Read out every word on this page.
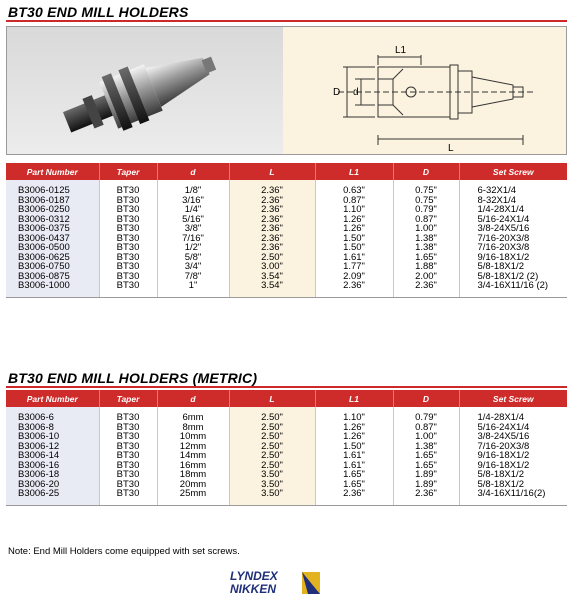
BT30 END MILL HOLDERS
L1
L
D d
Part Number	Taper	d	L	L1	D	Set Screw

B3006-0125	BT30	1/8"	2.36"	0.63"	0.75"	6-32X1/4
B3006-0187	BT30	3/16"	2.36"	0.87"	0.75"	8-32X1/4
B3006-0250	BT30	1/4"	2.36"	1.10"	0.79"	1/4-28X1/4
B3006-0312	BT30	5/16"	2.36"	1.26"	0.87"	5/16-24X1/4
B3006-0375	BT30	3/8"	2.36"	1.26"	1.00"	3/8-24X5/16
B3006-0437	BT30	7/16"	2.36"	1.50"	1.38"	7/16-20X3/8
B3006-0500	BT30	1/2"	2.36"	1.50"	1.38"	7/16-20X3/8
B3006-0625	BT30	5/8"	2.50"	1.61"	1.65"	9/16-18X1/2
B3006-0750	BT30	3/4"	3.00"	1.77"	1.88"	5/8-18X1/2
B3006-0875	BT30	7/8"	3.54"	2.09"	2.00"	5/8-18X1/2 (2)
B3006-1000	BT30	1"	3.54"	2.36"	2.36"	3/4-16X11/16 (2)

BT30 END MILL HOLDERS (METRIC)
Part Number	Taper	d	L	L1	D	Set Screw

B3006-6	BT30	6mm	2.50"	1.10"	0.79"	1/4-28X1/4
B3006-8	BT30	8mm	2.50"	1.26"	0.87"	5/16-24X1/4
B3006-10	BT30	10mm	2.50"	1.26"	1.00"	3/8-24X5/16
B3006-12	BT30	12mm	2.50"	1.50"	1.38"	7/16-20X3/8
B3006-14	BT30	14mm	2.50"	1.61"	1.65"	9/16-18X1/2
B3006-16	BT30	16mm	2.50"	1.61"	1.65"	9/16-18X1/2
B3006-18	BT30	18mm	3.50"	1.65"	1.89"	5/8-18X1/2
B3006-20	BT30	20mm	3.50"	1.65"	1.89"	5/8-18X1/2
B3006-25	BT30	25mm	3.50"	2.36"	2.36"	3/4-16X11/16(2)

Note: End Mill Holders come equipped with set screws.
LYNDEX
NIKKEN
